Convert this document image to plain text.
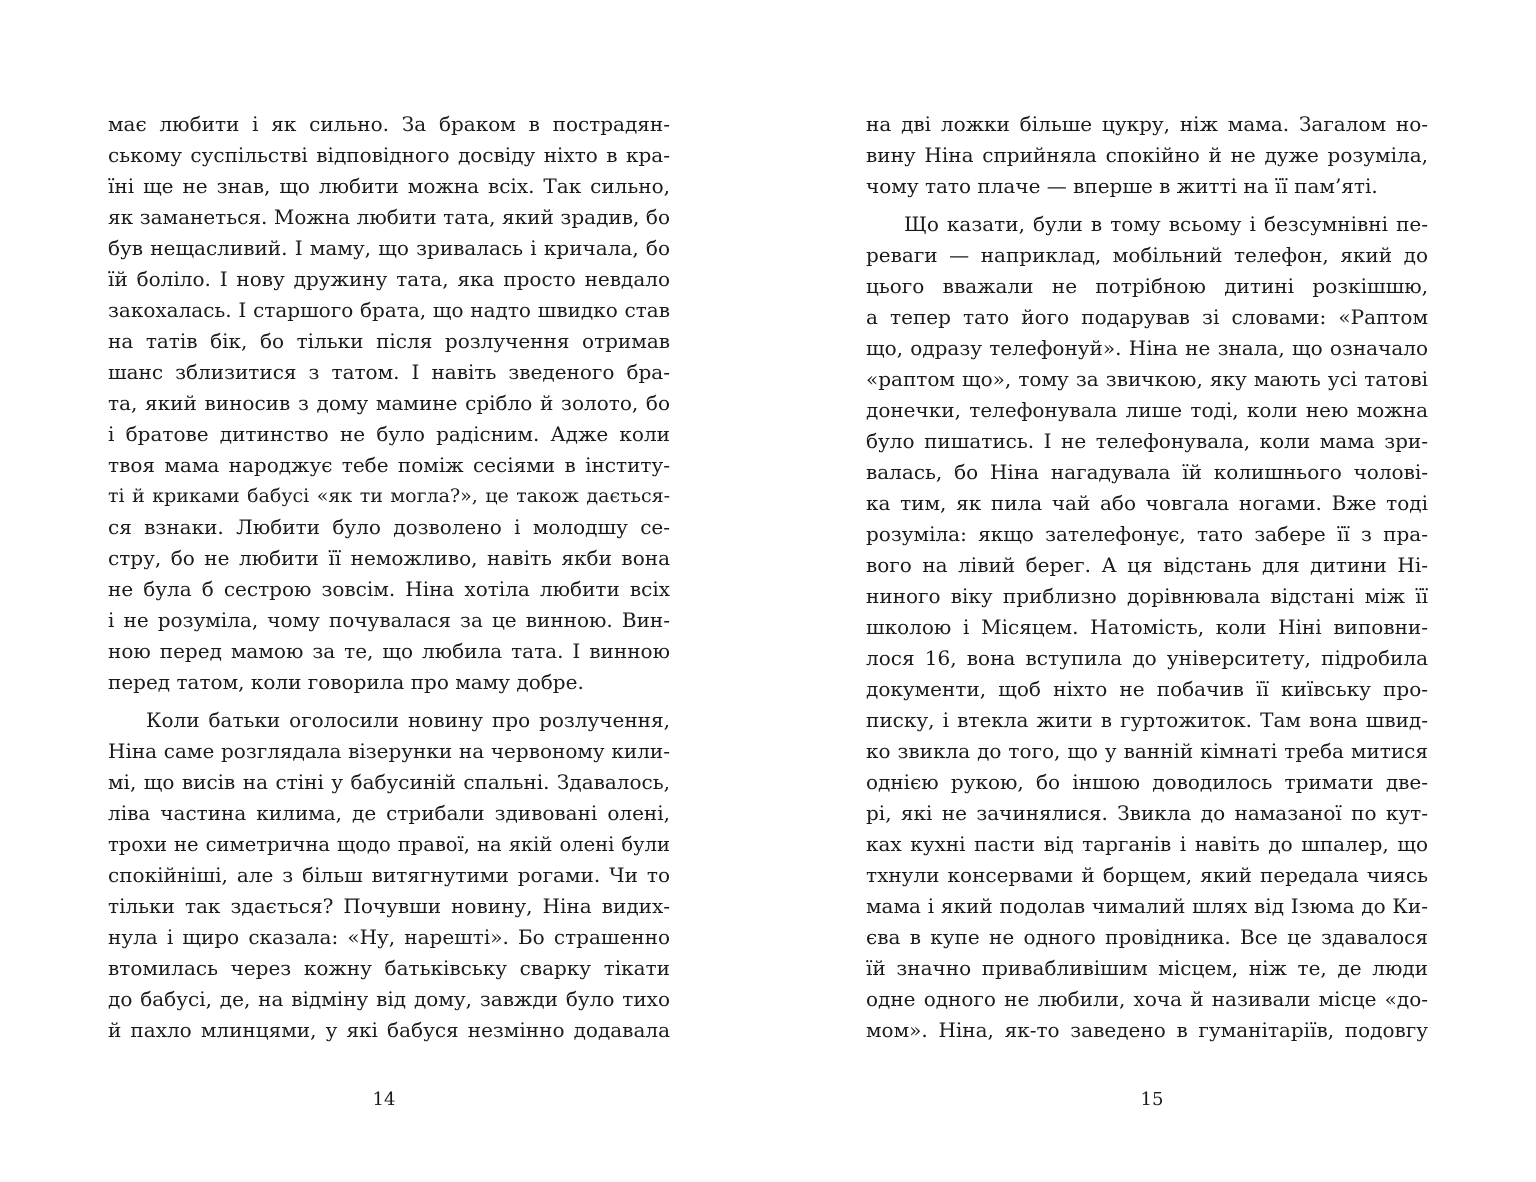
має любити і як сильно. За браком в пострадян-
ському суспільстві відповідного досвіду ніхто в кра-
їні ще не знав, що любити можна всіх. Так сильно,
як заманеться. Можна любити тата, який зрадив, бо
був нещасливий. І маму, що зривалась і кричала, бо
їй боліло. І нову дружину тата, яка просто невдало
закохалась. І старшого брата, що надто швидко став
на татів бік, бо тільки після розлучення отримав
шанс зблизитися з татом. І навіть зведеного бра-
та, який виносив з дому мамине срібло й золото, бо
і братове дитинство не було радісним. Адже коли
твоя мама народжує тебе поміж сесіями в інститу-
ті й криками бабусі «як ти могла?», це також дається-
ся взнаки. Любити було дозволено і молодшу се-
стру, бо не любити її неможливо, навіть якби вона
не була б сестрою зовсім. Ніна хотіла любити всіх
і не розуміла, чому почувалася за це винною. Вин-
ною перед мамою за те, що любила тата. І винною
перед татом, коли говорила про маму добре.
Коли батьки оголосили новину про розлучення,
Ніна саме розглядала візерунки на червоному кили-
мі, що висів на стіні у бабусиній спальні. Здавалось,
ліва частина килима, де стрибали здивовані олені,
трохи не симетрична щодо правої, на якій олені були
спокійніші, але з більш витягнутими рогами. Чи то
тільки так здається? Почувши новину, Ніна видих-
нула і щиро сказала: «Ну, нарешті». Бо страшенно
втомилась через кожну батьківську сварку тікати
до бабусі, де, на відміну від дому, завжди було тихо
й пахло млинцями, у які бабуся незмінно додавала
14
на дві ложки більше цукру, ніж мама. Загалом но-
вину Ніна сприйняла спокійно й не дуже розуміла,
чому тато плаче — вперше в житті на її пам’яті.
Що казати, були в тому всьому і безсумнівні пе-
реваги — наприклад, мобільний телефон, який до
цього вважали не потрібною дитині розкішшю,
а тепер тато його подарував зі словами: «Раптом
що, одразу телефонуй». Ніна не знала, що означало
«раптом що», тому за звичкою, яку мають усі татові
донечки, телефонувала лише тоді, коли нею можна
було пишатись. І не телефонувала, коли мама зри-
валась, бо Ніна нагадувала їй колишнього чолові-
ка тим, як пила чай або човгала ногами. Вже тоді
розуміла: якщо зателефонує, тато забере її з пра-
вого на лівий берег. А ця відстань для дитини Ні-
ниного віку приблизно дорівнювала відстані між її
школою і Місяцем. Натомість, коли Ніні виповни-
лося 16, вона вступила до університету, підробила
документи, щоб ніхто не побачив її київську про-
писку, і втекла жити в гуртожиток. Там вона швид-
ко звикла до того, що у ванній кімнаті треба митися
однією рукою, бо іншою доводилось тримати две-
рі, які не зачинялися. Звикла до намазаної по кут-
ках кухні пасти від тарганів і навіть до шпалер, що
тхнули консервами й борщем, який передала чиясь
мама і який подолав чималий шлях від Ізюма до Ки-
єва в купе не одного провідника. Все це здавалося
їй значно привабливішим місцем, ніж те, де люди
одне одного не любили, хоча й називали місце «до-
мом». Ніна, як-то заведено в гуманітаріїв, подовгу
15
